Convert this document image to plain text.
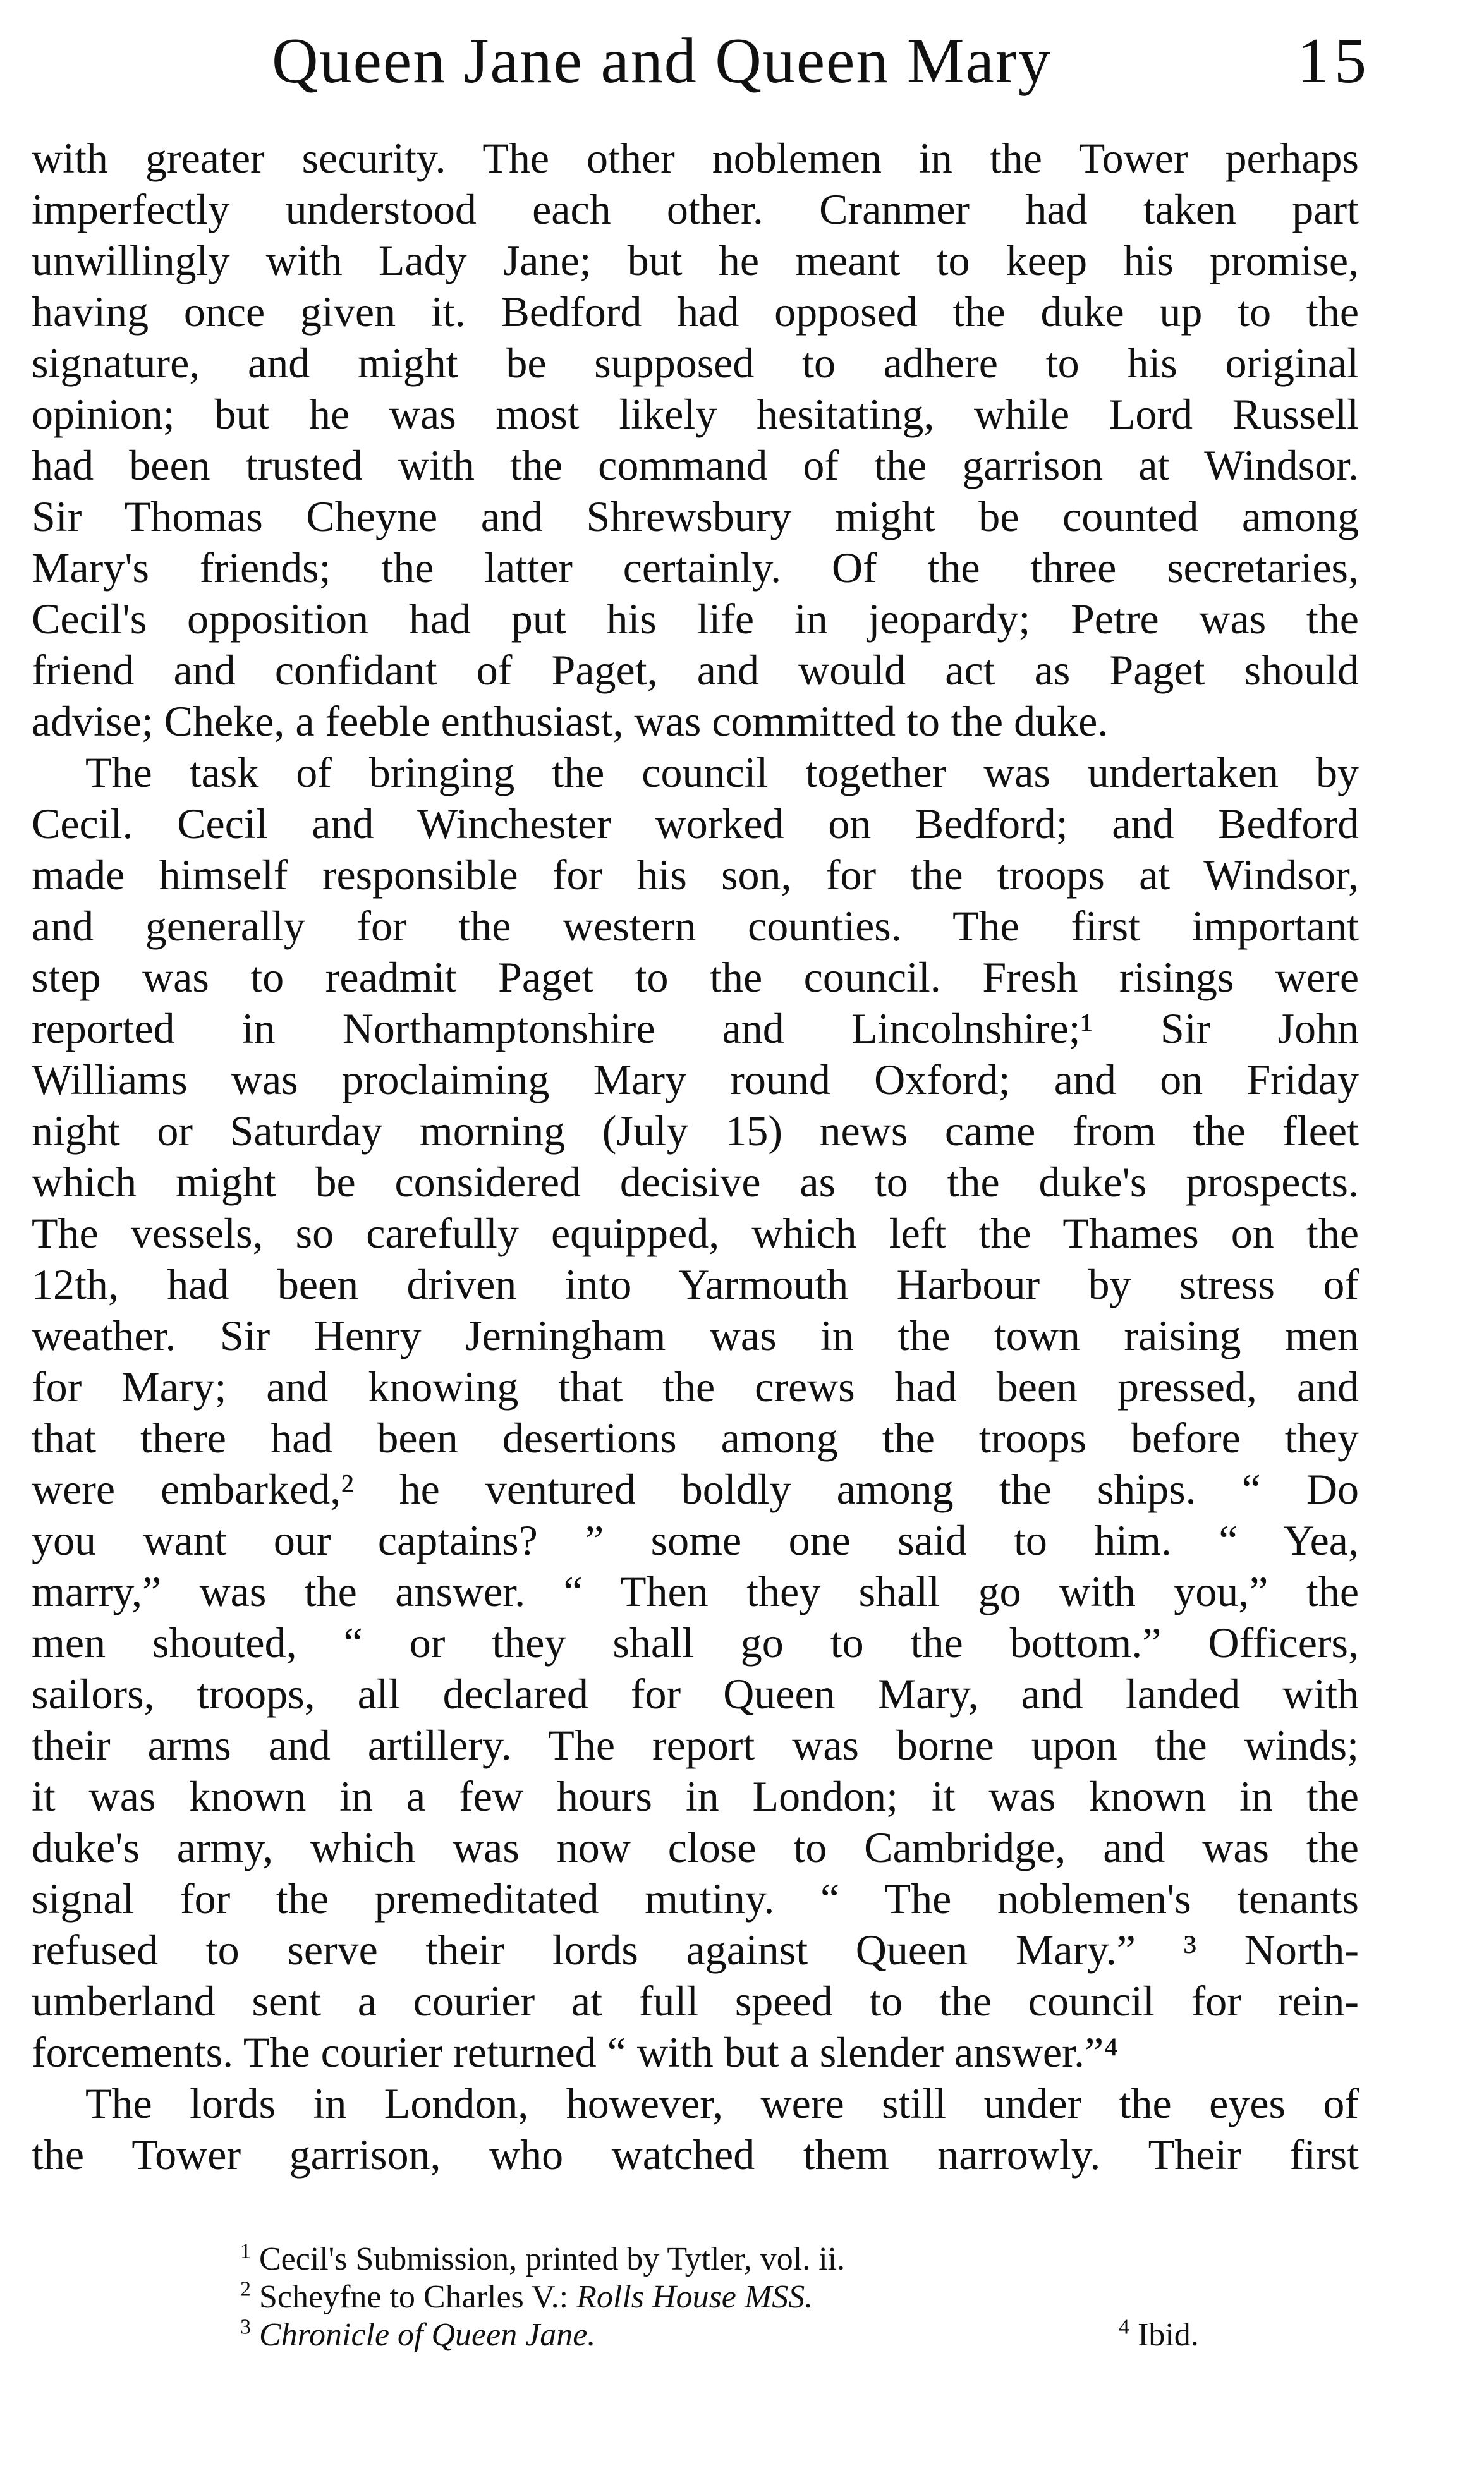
Queen Jane and Queen Mary	15
with greater security. The other noblemen in the Tower perhaps
imperfectly understood each other. Cranmer had taken part
unwillingly with Lady Jane; but he meant to keep his promise,
having once given it. Bedford had opposed the duke up to the
signature, and might be supposed to adhere to his original
opinion; but he was most likely hesitating, while Lord Russell
had been trusted with the command of the garrison at Windsor.
Sir Thomas Cheyne and Shrewsbury might be counted among
Mary's friends; the latter certainly. Of the three secretaries,
Cecil's opposition had put his life in jeopardy; Petre was the
friend and confidant of Paget, and would act as Paget should
advise; Cheke, a feeble enthusiast, was committed to the duke.
The task of bringing the council together was undertaken by
Cecil. Cecil and Winchester worked on Bedford; and Bedford
made himself responsible for his son, for the troops at Windsor,
and generally for the western counties. The first important
step was to readmit Paget to the council. Fresh risings were
reported in Northamptonshire and Lincolnshire;¹ Sir John
Williams was proclaiming Mary round Oxford; and on Friday
night or Saturday morning (July 15) news came from the fleet
which might be considered decisive as to the duke's prospects.
The vessels, so carefully equipped, which left the Thames on the
12th, had been driven into Yarmouth Harbour by stress of
weather. Sir Henry Jerningham was in the town raising men
for Mary; and knowing that the crews had been pressed, and
that there had been desertions among the troops before they
were embarked,² he ventured boldly among the ships. “ Do
you want our captains? ” some one said to him. “ Yea,
marry,” was the answer. “ Then they shall go with you,” the
men shouted, “ or they shall go to the bottom.” Officers,
sailors, troops, all declared for Queen Mary, and landed with
their arms and artillery. The report was borne upon the winds;
it was known in a few hours in London; it was known in the
duke's army, which was now close to Cambridge, and was the
signal for the premeditated mutiny. “ The noblemen's tenants
refused to serve their lords against Queen Mary.” ³ North-
umberland sent a courier at full speed to the council for rein-
forcements. The courier returned “ with but a slender answer.”⁴
The lords in London, however, were still under the eyes of
the Tower garrison, who watched them narrowly. Their first
$^1$ Cecil's Submission, printed by Tytler, vol. ii.
$^2$ Scheyfne to Charles V.: Rolls House MSS.
$^3$ Chronicle of Queen Jane.	$^4$ Ibid.
